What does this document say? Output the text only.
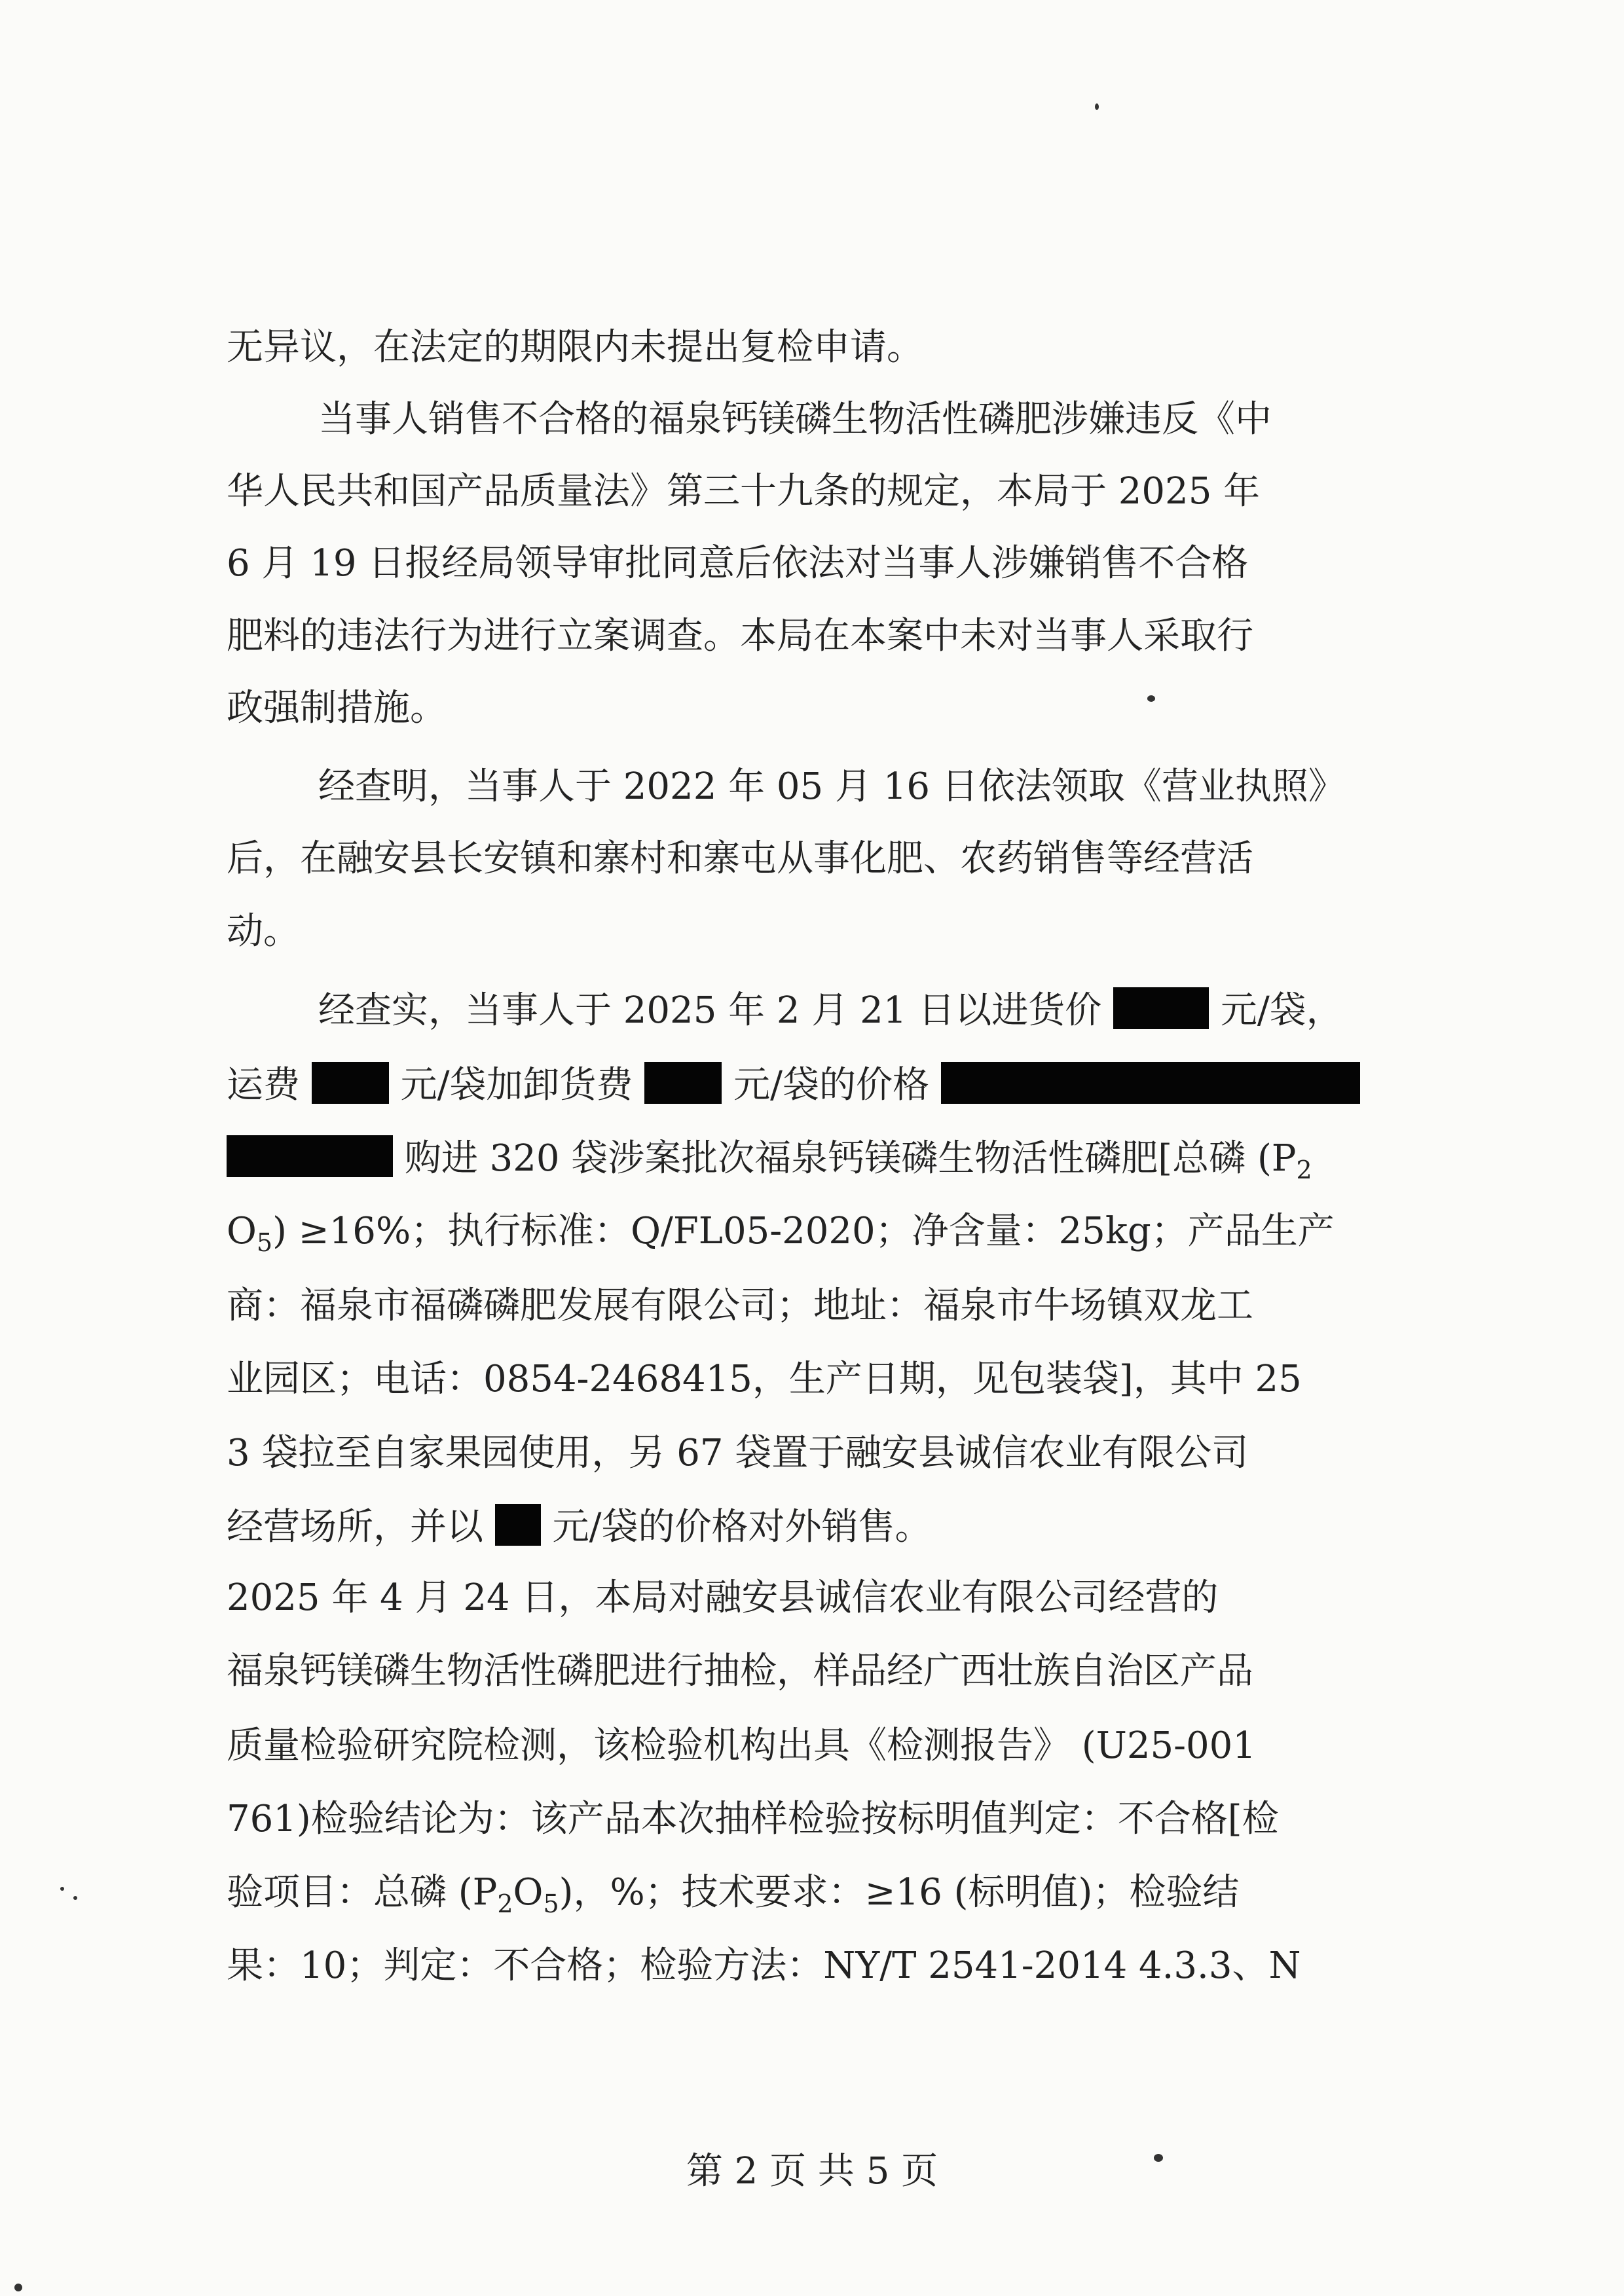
无异议，在法定的期限内未提出复检申请。
当事人销售不合格的福泉钙镁磷生物活性磷肥涉嫌违反《中
华人民共和国产品质量法》第三十九条的规定，本局于 2025 年
6 月 19 日报经局领导审批同意后依法对当事人涉嫌销售不合格
肥料的违法行为进行立案调查。本局在本案中未对当事人采取行
政强制措施。
经查明，当事人于 2022 年 05 月 16 日依法领取《营业执照》
后，在融安县长安镇和寨村和寨屯从事化肥、农药销售等经营活
动。
经查实，当事人于 2025 年 2 月 21 日以进货价	元/袋，
运费	元/袋加卸货费	元/袋的价格
购进 320 袋涉案批次福泉钙镁磷生物活性磷肥[总磷 ($P_2$
$O_5) \ge 16\%$；执行标准：Q/FL05-2020；净含量：25kg；产品生产
商：福泉市福磷磷肥发展有限公司；地址：福泉市牛场镇双龙工
业园区；电话：0854-2468415，生产日期，见包装袋]，其中 25
3 袋拉至自家果园使用，另 67 袋置于融安县诚信农业有限公司
经营场所，并以 元/袋的价格对外销售。
2025 年 4 月 24 日，本局对融安县诚信农业有限公司经营的
福泉钙镁磷生物活性磷肥进行抽检，样品经广西壮族自治区产品
质量检验研究院检测，该检验机构出具《检测报告》 (U25-001
761)检验结论为：该产品本次抽样检验按标明值判定：不合格[检
验项目：总磷 $(P_2O_5)$，%；技术要求：≥16 (标明值)；检验结
果：10；判定：不合格；检验方法：NY/T 2541-2014 4.3.3、N
第 2 页 共 5 页
